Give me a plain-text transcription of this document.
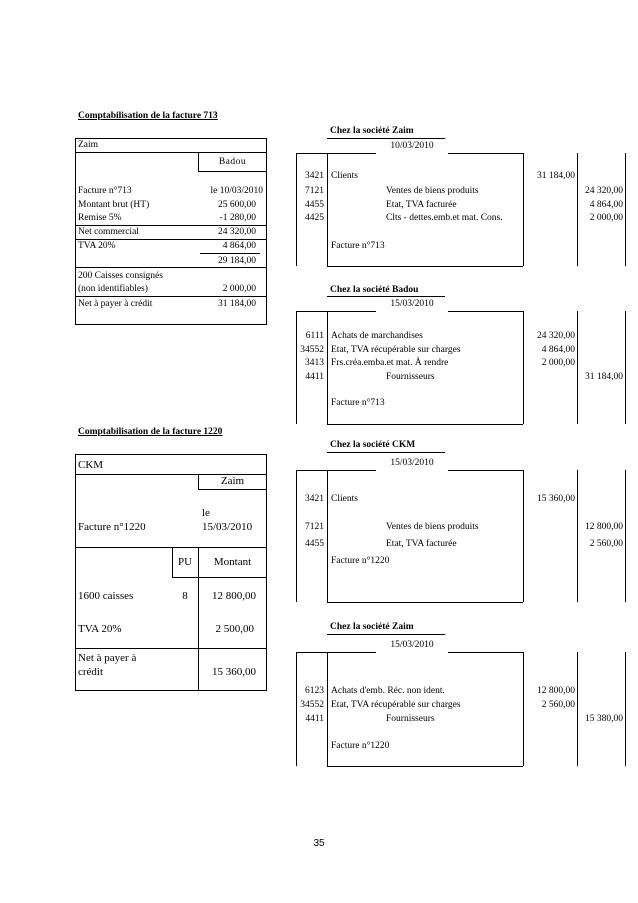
Comptabilisation de la facture 713
Zaim
Badou
Facture n°713	le 10/03/2010
Montant brut (HT)	25 600,00
Remise 5%	-1 280,00
Net commercial	24 320,00
TVA 20%	4 864,00
29 184,00
200 Caisses consignés
(non identifiables)	2 000,00
Net à payer à crédit	31 184,00
Chez la société Zaim
10/03/2010
3421 Clients	31 184,00
7121	Ventes de biens produits	24 320,00
4455	Etat, TVA facturée	4 864,00
4425	Clts - dettes.emb.et mat. Cons.	2 000,00
Facture n°713
Chez la société Badou
15/03/2010
6111 Achats de marchandises	24 320,00
34552 Etat, TVA récupérable sur charges	4 864,00
3413 Frs.créa.emba.et mat. À rendre	2 000,00
4411	Fournisseurs	31 184,00
Facture n°713
Comptabilisation de la facture 1220
CKM
Zaim
le
Facture n°1220	15/03/2010
PU	Montant
1600 caisses	8	12 800,00
TVA 20%	2 500,00
Net à payer à
crédit	15 360,00
Chez la société CKM
15/03/2010
3421 Clients	15 360,00
7121	Ventes de biens produits	12 800,00
4455	Etat, TVA facturée	2 560,00
Facture n°1220
Chez la société Zaim
15/03/2010
6123 Achats d'emb. Réc. non ident.	12 800,00
34552 Etat, TVA récupérable sur charges	2 560,00
4411	Fournisseurs	15 380,00
Facture n°1220
35
